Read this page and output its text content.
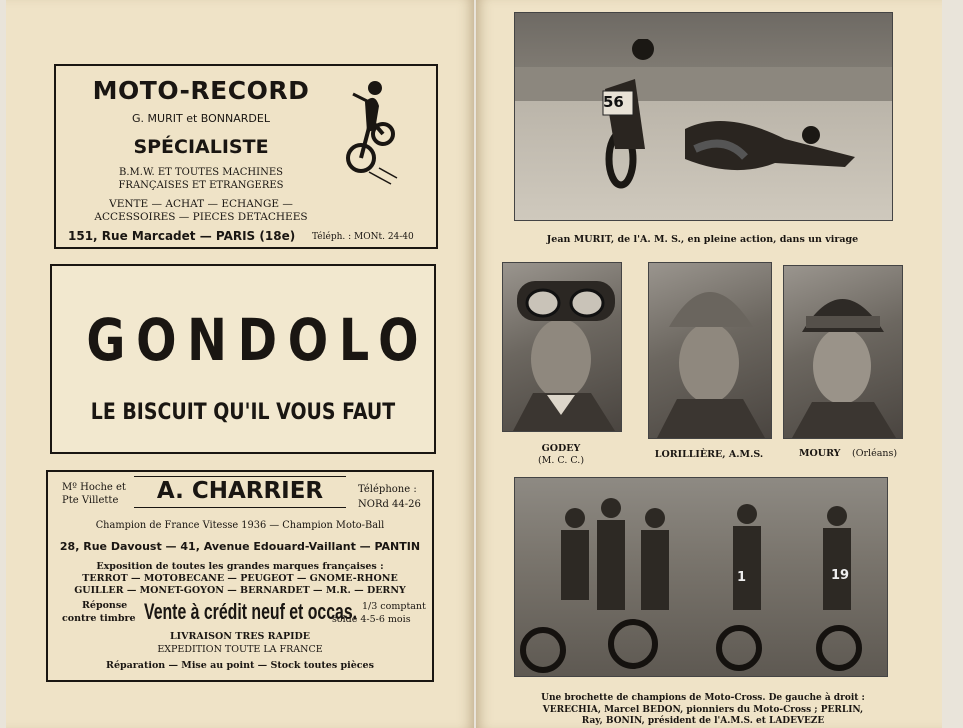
MOTO-RECORD
G. MURIT et BONNARDEL
SPÉCIALISTE
B.M.W. ET TOUTES MACHINES
FRANÇAISES ET ETRANGERES
VENTE — ACHAT — ECHANGE —
ACCESSOIRES — PIECES DETACHEES
151, Rue Marcadet — PARIS (18e) Téléph. : MONt. 24-40
GONDOLO
LE BISCUIT QU'IL VOUS FAUT
Mº Hoche et
Pte Villette	A. CHARRIER	Téléphone :
NORd 44-26
Champion de France Vitesse 1936 — Champion Moto-Ball
28, Rue Davoust — 41, Avenue Edouard-Vaillant — PANTIN
Exposition de toutes les grandes marques françaises :
TERROT — MOTOBECANE — PEUGEOT — GNOME-RHONE
GUILLER — MONET-GOYON — BERNARDET — M.R. — DERNY
Réponse
contre timbre Vente à crédit neuf et occas. 1/3 comptant
solde 4-5-6 mois
LIVRAISON TRES RAPIDE
EXPEDITION TOUTE LA FRANCE
Réparation — Mise au point — Stock toutes pièces
56
Jean MURIT, de l'A. M. S., en pleine action, dans un virage
GODEY
(M. C. C.)
LORILLIÈRE, A.M.S.	MOURY (Orléans)
1	19
Une brochette de champions de Moto-Cross. De gauche à droit :
VERECHIA, Marcel BEDON, pionniers du Moto-Cross ; PERLIN,
Ray, BONIN, président de l'A.M.S. et LADEVEZE
